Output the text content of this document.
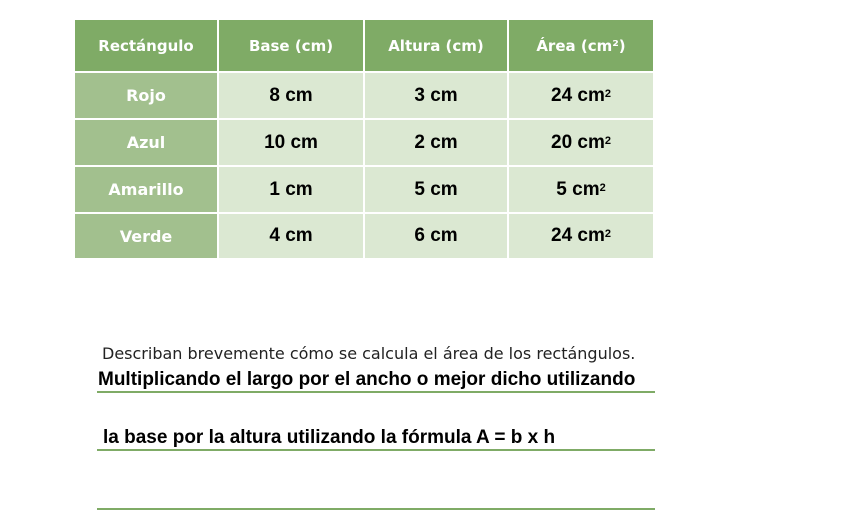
Rectángulo	Base (cm)	Altura (cm)	Área (cm²)
Rojo	8 cm	3 cm	24 $cm^2$
Azul	10 cm	2 cm	20 $cm^2$
Amarillo	1 cm	5 cm	5 $cm^2$
Verde	4 cm	6 cm	24 $cm^2$
Describan brevemente cómo se calcula el área de los rectángulos.
Multiplicando el largo por el ancho o mejor dicho utilizando
la base por la altura utilizando la fórmula A = b x h
